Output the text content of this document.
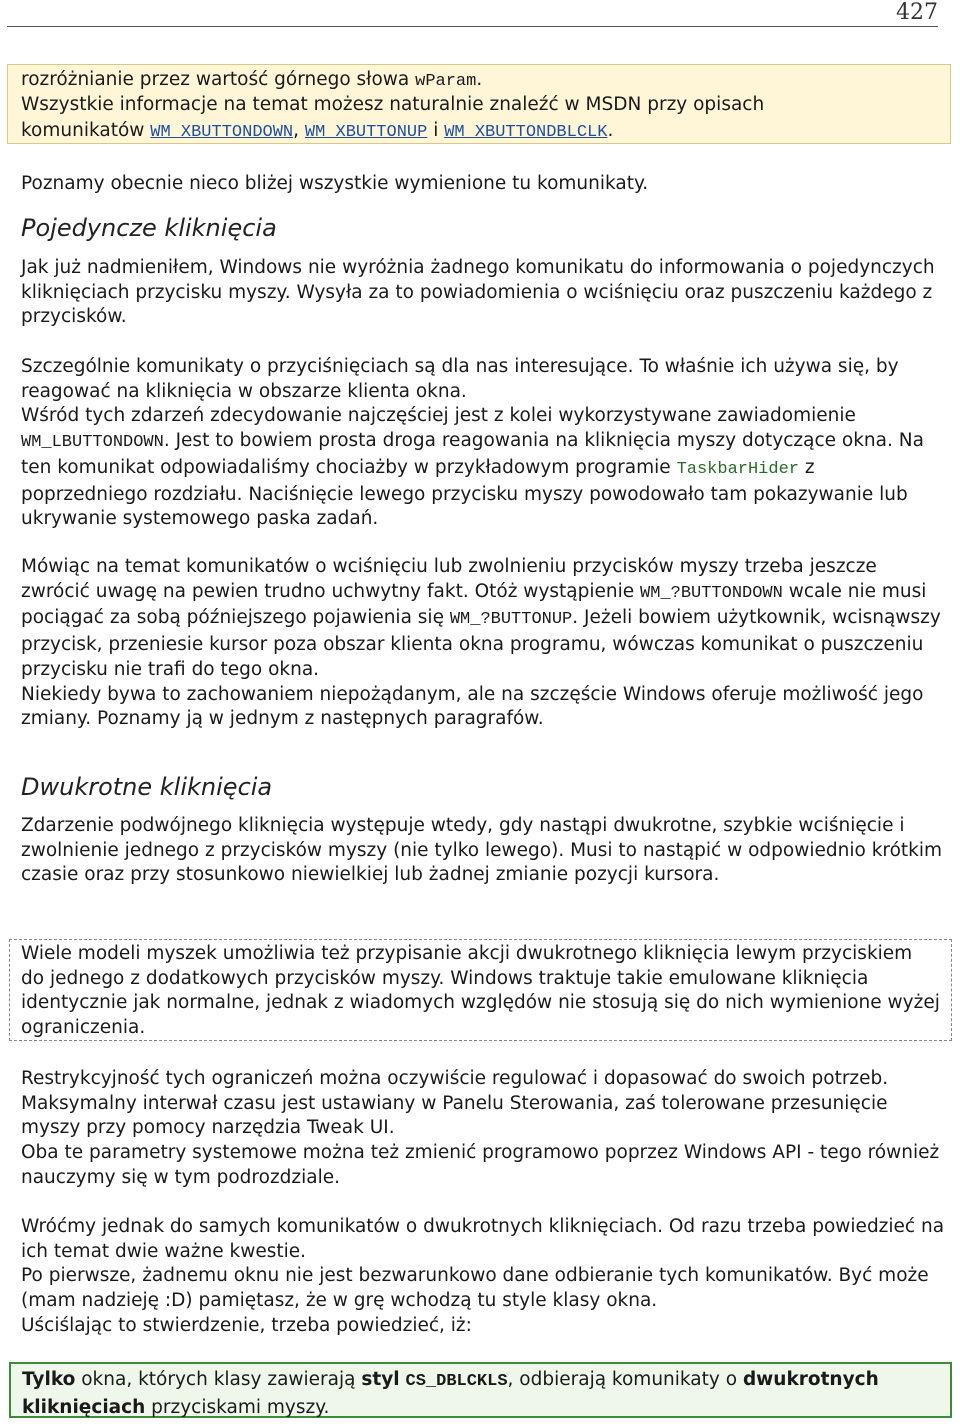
427

rozróżnianie przez wartość górnego słowa wParam.

Wszystkie informacje na temat możesz naturalnie znaleźć w MSDN przy opisach

komunikatów WM_XBUTTONDOWN, WM_XBUTTONUP i WM_XBUTTONDBLCLK.

Poznamy obecnie nieco bliżej wszystkie wymienione tu komunikaty.

Pojedyncze kliknięcia

Jak już nadmieniłem, Windows nie wyróżnia żadnego komunikatu do informowania o pojedynczych kliknięciach przycisku myszy. Wysyła za to powiadomienia o wciśnięciu oraz puszczeniu każdego z przycisków.

Szczególnie komunikaty o przyciśnięciach są dla nas interesujące. To właśnie ich używa się, by reagować na kliknięcia w obszarze klienta okna.
Wśród tych zdarzeń zdecydowanie najczęściej jest z kolei wykorzystywane zawiadomienie WM_LBUTTONDOWN. Jest to bowiem prosta droga reagowania na kliknięcia myszy dotyczące okna. Na ten komunikat odpowiadaliśmy chociażby w przykładowym programie TaskbarHider z poprzedniego rozdziału. Naciśnięcie lewego przycisku myszy powodowało tam pokazywanie lub ukrywanie systemowego paska zadań.

Mówiąc na temat komunikatów o wciśnięciu lub zwolnieniu przycisków myszy trzeba jeszcze zwrócić uwagę na pewien trudno uchwytny fakt. Otóż wystąpienie WM_?BUTTONDOWN wcale nie musi pociągać za sobą późniejszego pojawienia się WM_?BUTTONUP. Jeżeli bowiem użytkownik, wcisnąwszy przycisk, przeniesie kursor poza obszar klienta okna programu, wówczas komunikat o puszczeniu przycisku nie trafi do tego okna.
Niekiedy bywa to zachowaniem niepożądanym, ale na szczęście Windows oferuje możliwość jego zmiany. Poznamy ją w jednym z następnych paragrafów.

Dwukrotne kliknięcia

Zdarzenie podwójnego kliknięcia występuje wtedy, gdy nastąpi dwukrotne, szybkie wciśnięcie i zwolnienie jednego z przycisków myszy (nie tylko lewego). Musi to nastąpić w odpowiednio krótkim czasie oraz przy stosunkowo niewielkiej lub żadnej zmianie pozycji kursora.

Wiele modeli myszek umożliwia też przypisanie akcji dwukrotnego kliknięcia lewym przyciskiem do jednego z dodatkowych przycisków myszy. Windows traktuje takie emulowane kliknięcia identycznie jak normalne, jednak z wiadomych względów nie stosują się do nich wymienione wyżej ograniczenia.

Restrykcyjność tych ograniczeń można oczywiście regulować i dopasować do swoich potrzeb. Maksymalny interwał czasu jest ustawiany w Panelu Sterowania, zaś tolerowane przesunięcie myszy przy pomocy narzędzia Tweak UI.
Oba te parametry systemowe można też zmienić programowo poprzez Windows API - tego również nauczymy się w tym podrozdziale.

Wróćmy jednak do samych komunikatów o dwukrotnych kliknięciach. Od razu trzeba powiedzieć na ich temat dwie ważne kwestie.
Po pierwsze, żadnemu oknu nie jest bezwarunkowo dane odbieranie tych komunikatów. Być może (mam nadzieję :D) pamiętasz, że w grę wchodzą tu style klasy okna.
Uściślając to stwierdzenie, trzeba powiedzieć, iż:

Tylko okna, których klasy zawierają styl CS_DBLCKLS, odbierają komunikaty o dwukrotnych kliknięciach przyciskami myszy.
